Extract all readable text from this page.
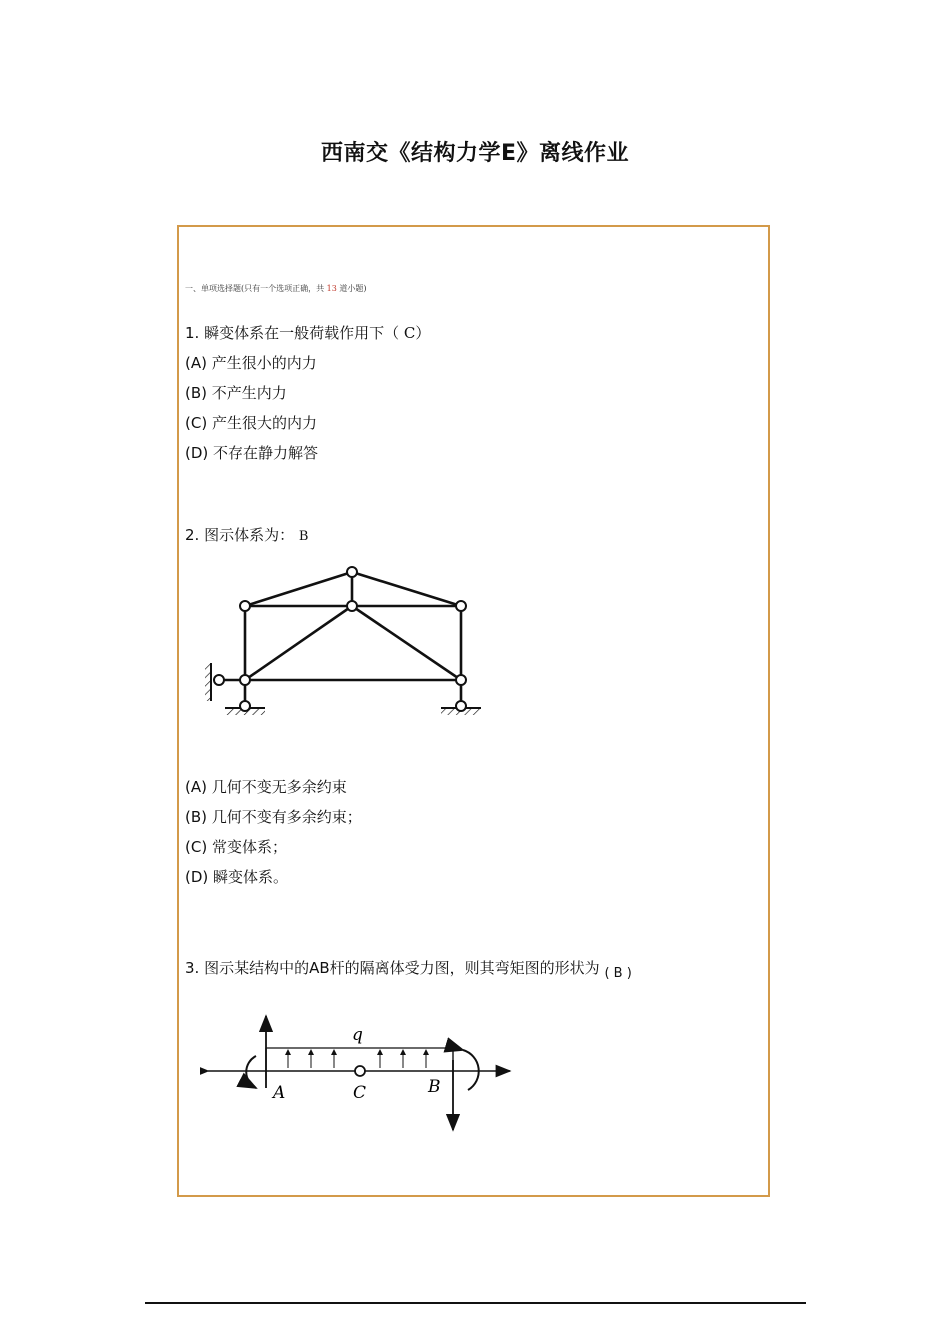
西南交《结构力学E》离线作业
一、单项选择题(只有一个选项正确，共 13 道小题)
1. 瞬变体系在一般荷载作用下（ C）
(A) 产生很小的内力
(B) 不产生内力
(C) 产生很大的内力
(D) 不存在静力解答
2. 图示体系为： B
(A) 几何不变无多余约束
(B) 几何不变有多余约束；
(C) 常变体系；
(D) 瞬变体系。
3. 图示某结构中的AB杆的隔离体受力图，则其弯矩图的形状为 ( B )
q
A	C	B
